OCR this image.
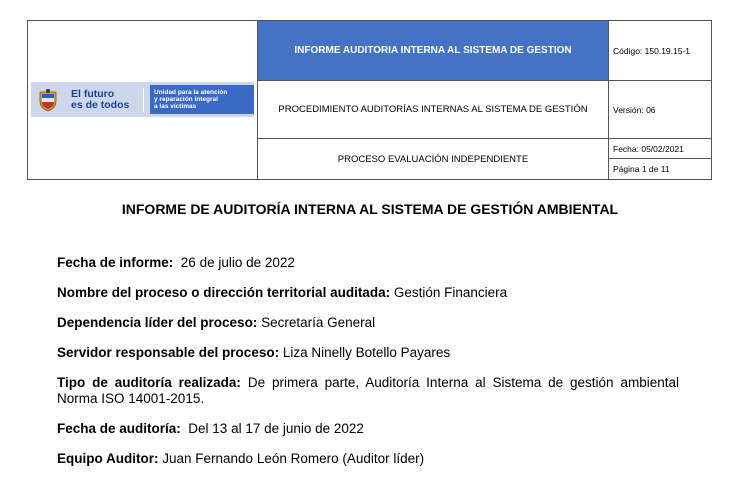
El futuro
es de todos
Unidad para la atención
y reparación integral
a las víctimas
INFORME AUDITORIA INTERNA AL SISTEMA DE GESTION
PROCEDIMIENTO AUDITORÍAS INTERNAS AL SISTEMA DE GESTIÓN
PROCESO EVALUACIÓN INDEPENDIENTE
Código: 150.19.15-1
Versión: 06
Fecha: 05/02/2021
Página 1 de 11
INFORME DE AUDITORÍA INTERNA AL SISTEMA DE GESTIÓN AMBIENTAL
Fecha de informe: 26 de julio de 2022
Nombre del proceso o dirección territorial auditada: Gestión Financiera
Dependencia líder del proceso: Secretaría General
Servidor responsable del proceso: Liza Ninelly Botello Payares
Tipo de auditoría realizada: De primera parte, Auditoría Interna al Sistema de gestión ambiental Norma ISO 14001-2015.
Fecha de auditoría: Del 13 al 17 de junio de 2022
Equipo Auditor: Juan Fernando León Romero (Auditor líder)
